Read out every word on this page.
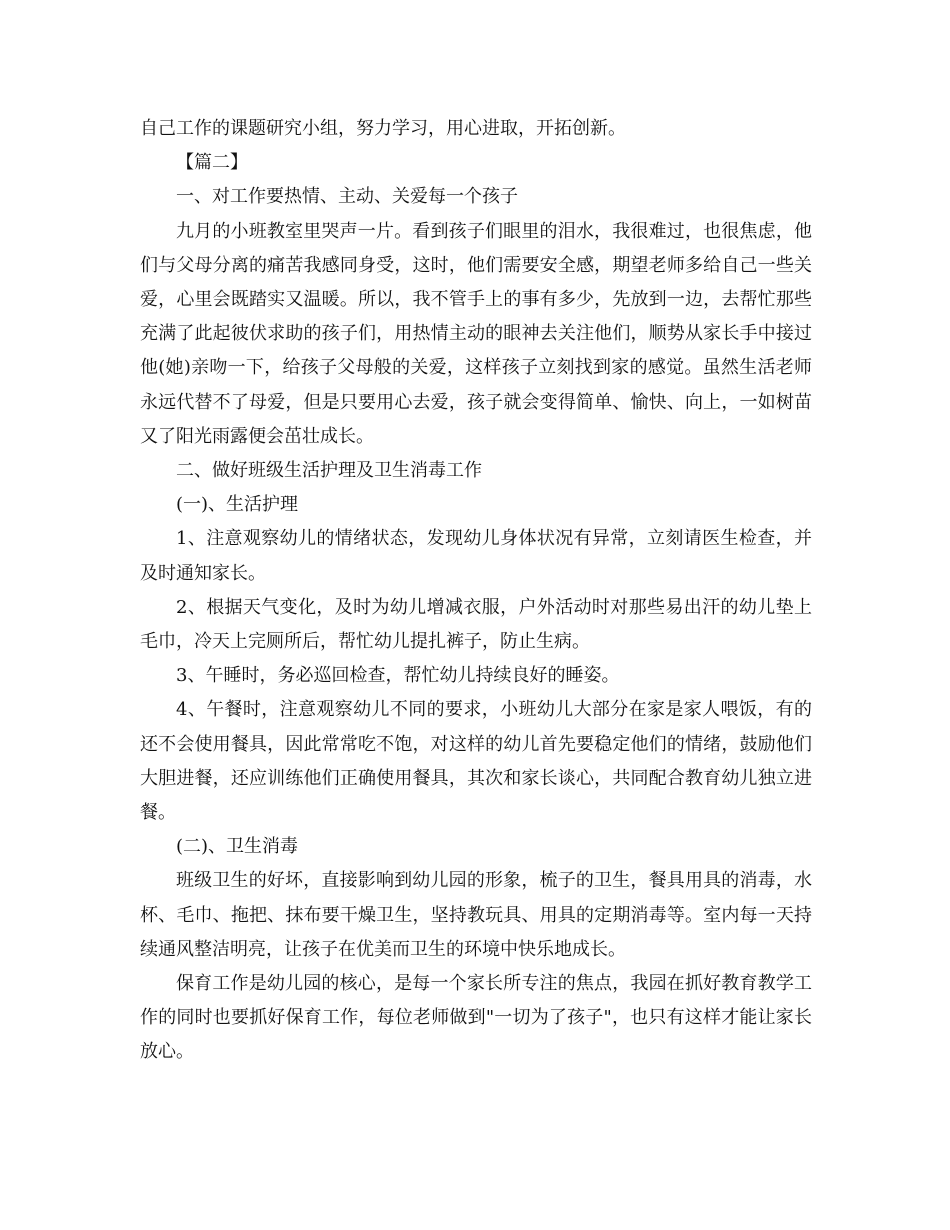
自己工作的课题研究小组，努力学习，用心进取，开拓创新。

【篇二】

一、对工作要热情、主动、关爱每一个孩子

九月的小班教室里哭声一片。看到孩子们眼里的泪水，我很难过，也很焦虑，他们与父母分离的痛苦我感同身受，这时，他们需要安全感，期望老师多给自己一些关爱，心里会既踏实又温暖。所以，我不管手上的事有多少，先放到一边，去帮忙那些充满了此起彼伏求助的孩子们，用热情主动的眼神去关注他们，顺势从家长手中接过他(她)亲吻一下，给孩子父母般的关爱，这样孩子立刻找到家的感觉。虽然生活老师永远代替不了母爱，但是只要用心去爱，孩子就会变得简单、愉快、向上，一如树苗又了阳光雨露便会茁壮成长。

二、做好班级生活护理及卫生消毒工作

(一)、生活护理

1、注意观察幼儿的情绪状态，发现幼儿身体状况有异常，立刻请医生检查，并及时通知家长。

2、根据天气变化，及时为幼儿增减衣服，户外活动时对那些易出汗的幼儿垫上毛巾，冷天上完厕所后，帮忙幼儿提扎裤子，防止生病。

3、午睡时，务必巡回检查，帮忙幼儿持续良好的睡姿。

4、午餐时，注意观察幼儿不同的要求，小班幼儿大部分在家是家人喂饭，有的还不会使用餐具，因此常常吃不饱，对这样的幼儿首先要稳定他们的情绪，鼓励他们大胆进餐，还应训练他们正确使用餐具，其次和家长谈心，共同配合教育幼儿独立进餐。

(二)、卫生消毒

班级卫生的好坏，直接影响到幼儿园的形象，梳子的卫生，餐具用具的消毒，水杯、毛巾、拖把、抹布要干燥卫生，坚持教玩具、用具的定期消毒等。室内每一天持续通风整洁明亮，让孩子在优美而卫生的环境中快乐地成长。

保育工作是幼儿园的核心，是每一个家长所专注的焦点，我园在抓好教育教学工作的同时也要抓好保育工作，每位老师做到"一切为了孩子"，也只有这样才能让家长放心。
